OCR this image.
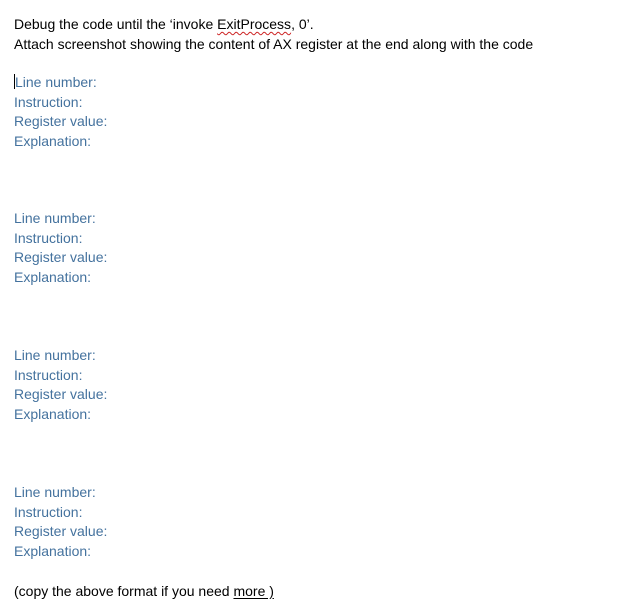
Debug the code until the ‘invoke ExitProcess, 0’.
Attach screenshot showing the content of AX register at the end along with the code
Line number:
Instruction:
Register value:
Explanation:
Line number:
Instruction:
Register value:
Explanation:
Line number:
Instruction:
Register value:
Explanation:
Line number:
Instruction:
Register value:
Explanation:
(copy the above format if you need more )
